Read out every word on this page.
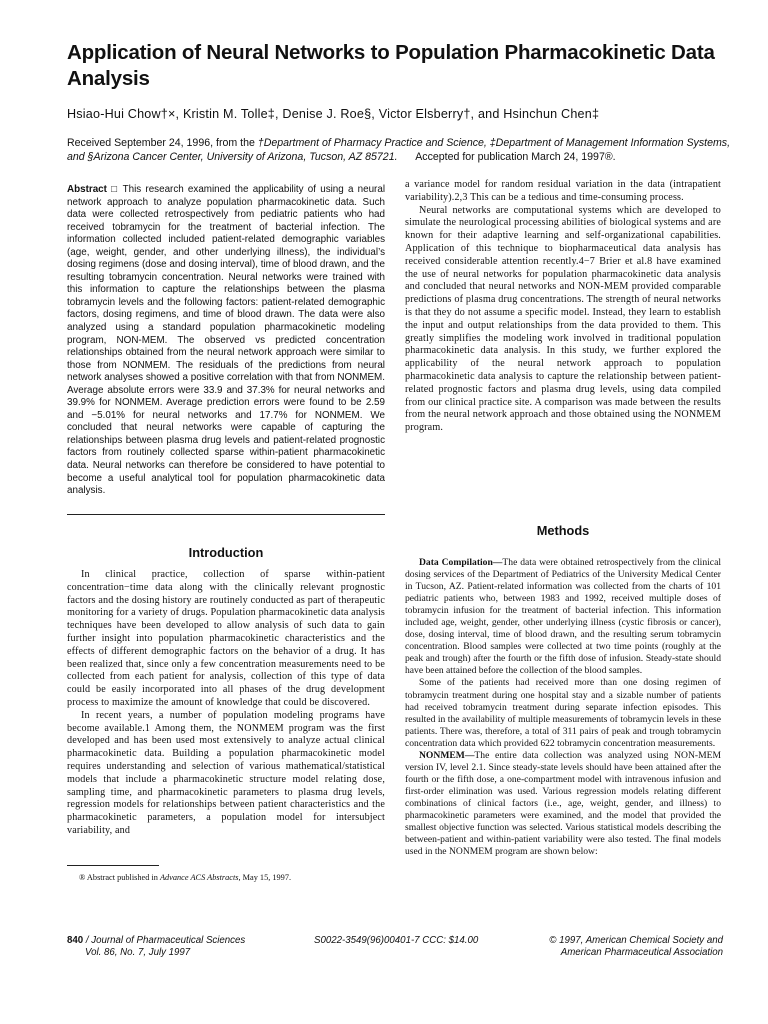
Application of Neural Networks to Population Pharmacokinetic Data Analysis
Hsiao-Hui Chow†×, Kristin M. Tolle‡, Denise J. Roe§, Victor Elsberry†, and Hsinchun Chen‡
Received September 24, 1996, from the †Department of Pharmacy Practice and Science, ‡Department of Management Information Systems, and §Arizona Cancer Center, University of Arizona, Tucson, AZ 85721. Accepted for publication March 24, 1997®.
Abstract □ This research examined the applicability of using a neural network approach to analyze population pharmacokinetic data. Such data were collected retrospectively from pediatric patients who had received tobramycin for the treatment of bacterial infection. The information collected included patient-related demographic variables (age, weight, gender, and other underlying illness), the individual’s dosing regimens (dose and dosing interval), time of blood drawn, and the resulting tobramycin concentration. Neural networks were trained with this information to capture the relationships between the plasma tobramycin levels and the following factors: patient-related demographic factors, dosing regimens, and time of blood drawn. The data were also analyzed using a standard population pharmacokinetic modeling program, NON-MEM. The observed vs predicted concentration relationships obtained from the neural network approach were similar to those from NONMEM. The residuals of the predictions from neural network analyses showed a positive correlation with that from NONMEM. Average absolute errors were 33.9 and 37.3% for neural networks and 39.9% for NONMEM. Average prediction errors were found to be 2.59 and −5.01% for neural networks and 17.7% for NONMEM. We concluded that neural networks were capable of capturing the relationships between plasma drug levels and patient-related prognostic factors from routinely collected sparse within-patient pharmacokinetic data. Neural networks can therefore be considered to have potential to become a useful analytical tool for population pharmacokinetic data analysis.

a variance model for random residual variation in the data (intrapatient variability).2,3 This can be a tedious and time-consuming process.

Neural networks are computational systems which are developed to simulate the neurological processing abilities of biological systems and are known for their adaptive learning and self-organizational capabilities. Application of this technique to biopharmaceutical data analysis has received considerable attention recently.4−7 Brier et al.8 have examined the use of neural networks for population pharmacokinetic data analysis and concluded that neural networks and NON-MEM provided comparable predictions of plasma drug concentrations. The strength of neural networks is that they do not assume a specific model. Instead, they learn to establish the input and output relationships from the data provided to them. This greatly simplifies the modeling work involved in traditional population pharmacokinetic data analysis. In this study, we further explored the applicability of the neural network approach to population pharmacokinetic data analysis to capture the relationship between patient-related prognostic factors and plasma drug levels, using data compiled from our clinical practice site. A comparison was made between the results from the neural network approach and those obtained using the NONMEM program.

Introduction

In clinical practice, collection of sparse within-patient concentration−time data along with the clinically relevant prognostic factors and the dosing history are routinely conducted as part of therapeutic monitoring for a variety of drugs. Population pharmacokinetic data analysis techniques have been developed to allow analysis of such data to gain further insight into population pharmacokinetic characteristics and the effects of different demographic factors on the behavior of a drug. It has been realized that, since only a few concentration measurements need to be collected from each patient for analysis, collection of this type of data could be easily incorporated into all phases of the drug development process to maximize the amount of knowledge that could be discovered.

In recent years, a number of population modeling programs have become available.1 Among them, the NONMEM program was the first developed and has been used most extensively to analyze actual clinical pharmacokinetic data. Building a population pharmacokinetic model requires understanding and selection of various mathematical/statistical models that include a pharmacokinetic structure model relating dose, sampling time, and pharmacokinetic parameters to plasma drug levels, regression models for relationships between patient characteristics and the pharmacokinetic parameters, a population model for intersubject variability, and

Methods

Data Compilation—The data were obtained retrospectively from the clinical dosing services of the Department of Pediatrics of the University Medical Center in Tucson, AZ. Patient-related information was collected from the charts of 101 pediatric patients who, between 1983 and 1992, received multiple doses of tobramycin infusion for the treatment of bacterial infection. This information included age, weight, gender, other underlying illness (cystic fibrosis or cancer), dose, dosing interval, time of blood drawn, and the resulting serum tobramycin concentration. Blood samples were collected at two time points (roughly at the peak and trough) after the fourth or the fifth dose of infusion. Steady-state should have been attained before the collection of the blood samples.

Some of the patients had received more than one dosing regimen of tobramycin treatment during one hospital stay and a sizable number of patients had received tobramycin treatment during separate infection episodes. This resulted in the availability of multiple measurements of tobramycin levels in these patients. There was, therefore, a total of 311 pairs of peak and trough tobramycin concentration data which provided 622 tobramycin concentration measurements.

NONMEM—The entire data collection was analyzed using NON-MEM version IV, level 2.1. Since steady-state levels should have been attained after the fourth or the fifth dose, a one-compartment model with intravenous infusion and first-order elimination was used. Various regression models relating different combinations of clinical factors (i.e., age, weight, gender, and illness) to pharmacokinetic parameters were examined, and the model that provided the smallest objective function was selected. Various statistical models describing the between-patient and within-patient variability were also tested. The final models used in the NONMEM program are shown below:

® Abstract published in Advance ACS Abstracts, May 15, 1997.
840 / Journal of Pharmaceutical Sciences
Vol. 86, No. 7, July 1997
S0022-3549(96)00401-7 CCC: $14.00	© 1997, American Chemical Society and
American Pharmaceutical Association
